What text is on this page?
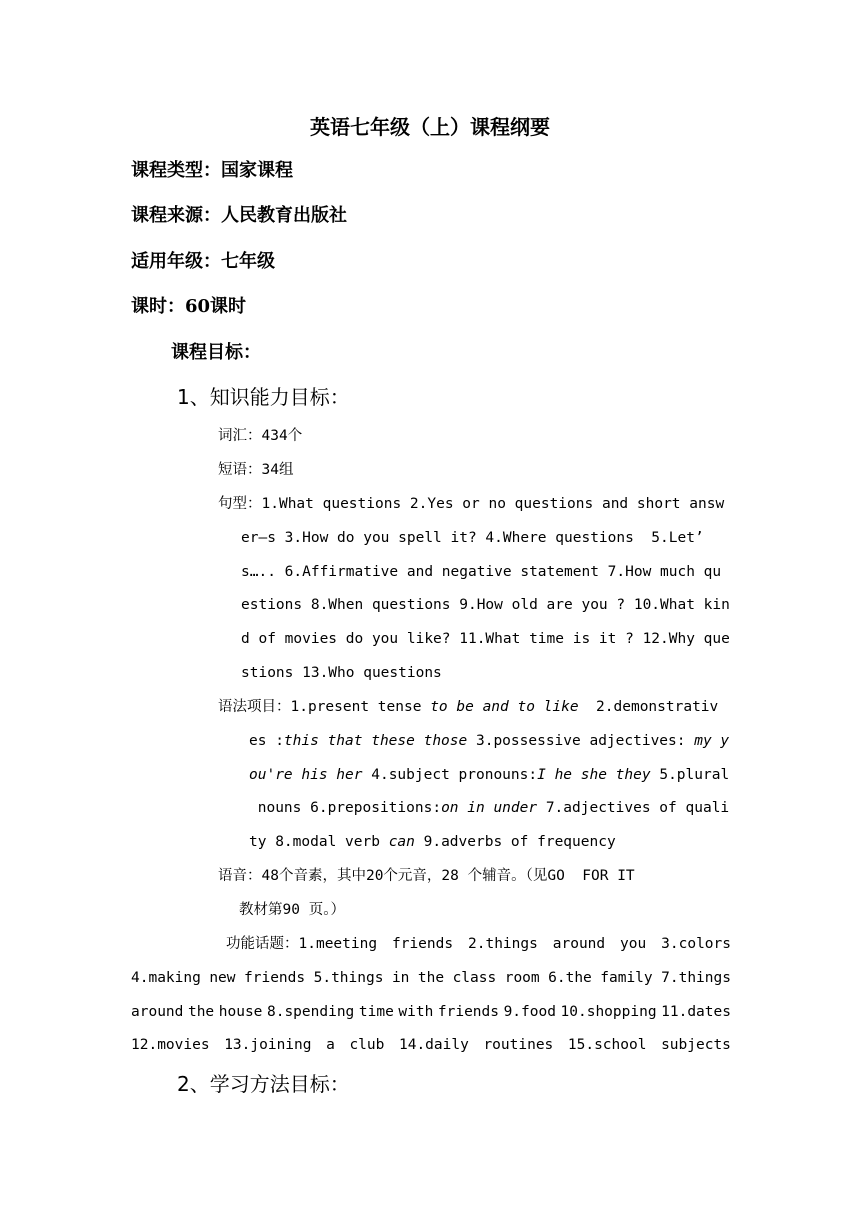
英语七年级（上）课程纲要
课程类型：国家课程
课程来源：人民教育出版社
适用年级：七年级
课时：60课时
课程目标：
1、知识能力目标：
词汇：434个
短语：34组
句型：1.What questions 2.Yes or no questions and short answ
er—s 3.How do you spell it? 4.Where questions  5.Let’
s….. 6.Affirmative and negative statement 7.How much qu
estions 8.When questions 9.How old are you ? 10.What kin
d of movies do you like? 11.What time is it ? 12.Why que
stions 13.Who questions
语法项目：1.present tense to be and to like  2.demonstrativ
es :this that these those 3.possessive adjectives: my y
ou're his her 4.subject pronouns:I he she they 5.plural
nouns 6.prepositions:on in under 7.adjectives of quali
ty 8.modal verb can 9.adverbs of frequency
语音：48个音素，其中20个元音，28 个辅音。（见GO  FOR IT
教材第90 页。）
功能话题：1.meeting friends 2.things around you 3.colors
4.making new friends 5.things in the class room 6.the family 7.things
around the house 8.spending time with friends 9.food 10.shopping 11.dates
12.movies 13.joining a club 14.daily routines 15.school subjects
2、学习方法目标：
